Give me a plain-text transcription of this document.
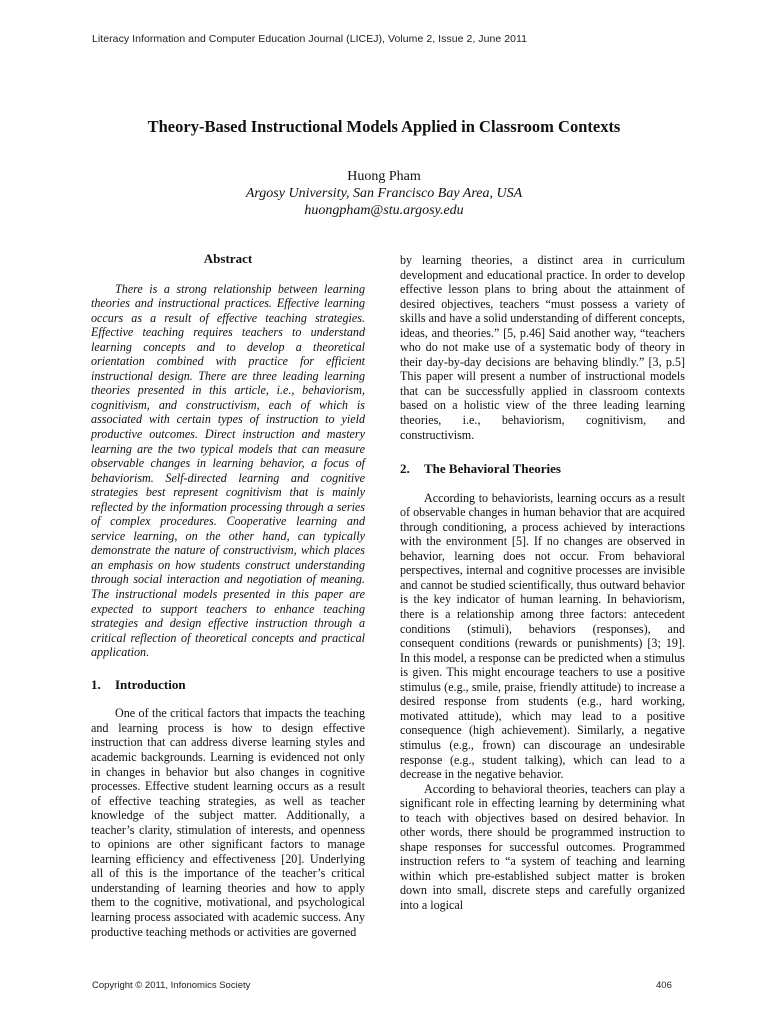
Literacy Information and Computer Education Journal (LICEJ), Volume 2, Issue 2, June 2011
Theory-Based Instructional Models Applied in Classroom Contexts
Huong Pham
Argosy University, San Francisco Bay Area, USA
huongpham@stu.argosy.edu
Abstract

There is a strong relationship between learning theories and instructional practices. Effective learning occurs as a result of effective teaching strategies. Effective teaching requires teachers to understand learning concepts and to develop a theoretical orientation combined with practice for efficient instructional design. There are three leading learning theories presented in this article, i.e., behaviorism, cognitivism, and constructivism, each of which is associated with certain types of instruction to yield productive outcomes. Direct instruction and mastery learning are the two typical models that can measure observable changes in learning behavior, a focus of behaviorism. Self-directed learning and cognitive strategies best represent cognitivism that is mainly reflected by the information processing through a series of complex procedures. Cooperative learning and service learning, on the other hand, can typically demonstrate the nature of constructivism, which places an emphasis on how students construct understanding through social interaction and negotiation of meaning. The instructional models presented in this paper are expected to support teachers to enhance teaching strategies and design effective instruction through a critical reflection of theoretical concepts and practical application.

1.	Introduction

One of the critical factors that impacts the teaching and learning process is how to design effective instruction that can address diverse learning styles and academic backgrounds. Learning is evidenced not only in changes in behavior but also changes in cognitive processes. Effective student learning occurs as a result of effective teaching strategies, as well as teacher knowledge of the subject matter. Additionally, a teacher’s clarity, stimulation of interests, and openness to opinions are other significant factors to manage learning efficiency and effectiveness [20]. Underlying all of this is the importance of the teacher’s critical understanding of learning theories and how to apply them to the cognitive, motivational, and psychological learning process associated with academic success. Any productive teaching methods or activities are governed

by learning theories, a distinct area in curriculum development and educational practice. In order to develop effective lesson plans to bring about the attainment of desired objectives, teachers “must possess a variety of skills and have a solid understanding of different concepts, ideas, and theories.” [5, p.46] Said another way, “teachers who do not make use of a systematic body of theory in their day-by-day decisions are behaving blindly.” [3, p.5] This paper will present a number of instructional models that can be successfully applied in classroom contexts based on a holistic view of the three leading learning theories, i.e., behaviorism, cognitivism, and constructivism.

2.	The Behavioral Theories

According to behaviorists, learning occurs as a result of observable changes in human behavior that are acquired through conditioning, a process achieved by interactions with the environment [5]. If no changes are observed in behavior, learning does not occur. From behavioral perspectives, internal and cognitive processes are invisible and cannot be studied scientifically, thus outward behavior is the key indicator of human learning. In behaviorism, there is a relationship among three factors: antecedent conditions (stimuli), behaviors (responses), and consequent conditions (rewards or punishments) [3; 19]. In this model, a response can be predicted when a stimulus is given. This might encourage teachers to use a positive stimulus (e.g., smile, praise, friendly attitude) to increase a desired response from students (e.g., hard working, motivated attitude), which may lead to a positive consequence (high achievement). Similarly, a negative stimulus (e.g., frown) can discourage an undesirable response (e.g., student talking), which can lead to a decrease in the negative behavior.

According to behavioral theories, teachers can play a significant role in effecting learning by determining what to teach with objectives based on desired behavior. In other words, there should be programmed instruction to shape responses for successful outcomes. Programmed instruction refers to “a system of teaching and learning within which pre-established subject matter is broken down into small, discrete steps and carefully organized into a logical

Copyright © 2011, Infonomics Society	406
